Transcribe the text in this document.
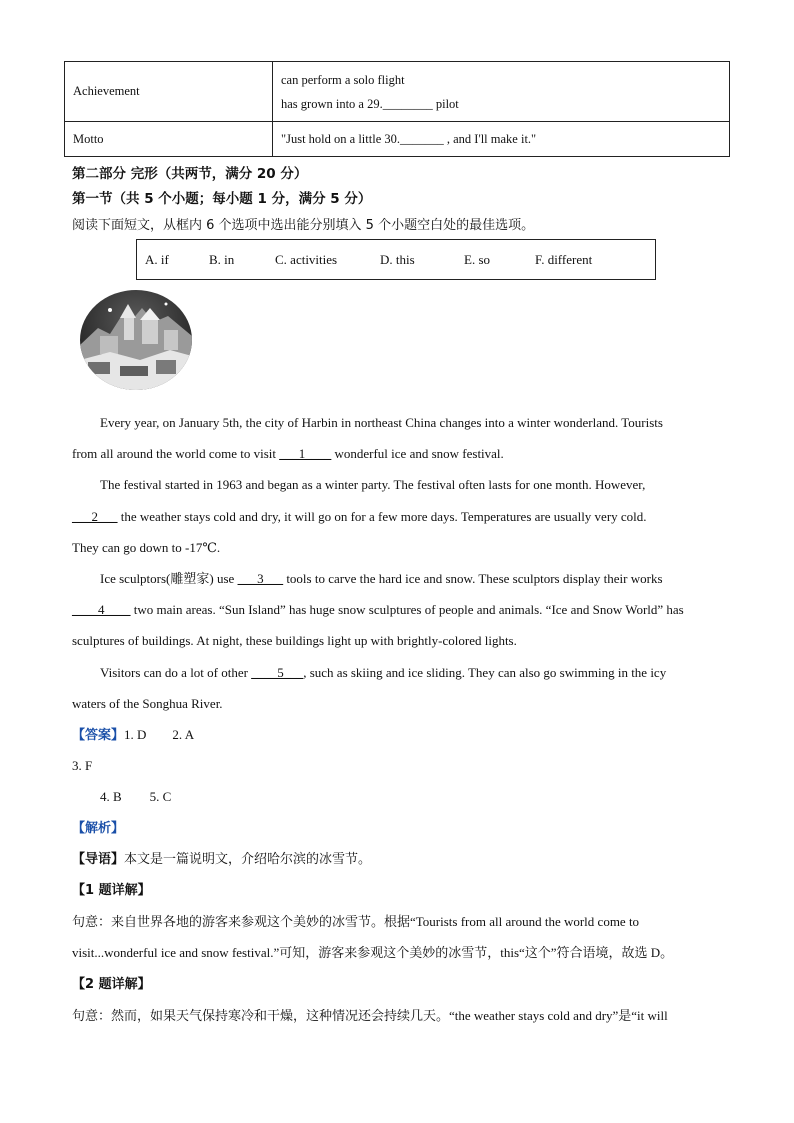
Achievement	can perform a solo flight
has grown into a 29.________ pilot

Motto	"Just hold on a little 30._______ , and I'll make it."
第二部分 完形（共两节，满分 20 分）
第一节（共 5 个小题；每小题 1 分，满分 5 分）
阅读下面短文，从框内 6 个选项中选出能分别填入 5 个小题空白处的最佳选项。
A. if	B. in	C. activities	D. this	E. so	F. different
Every year, on January 5th, the city of Harbin in northeast China changes into a winter wonderland. Tourists
from all around the world come to visit ___1____ wonderful ice and snow festival.
The festival started in 1963 and began as a winter party. The festival often lasts for one month. However,
___2___ the weather stays cold and dry, it will go on for a few more days. Temperatures are usually very cold.
They can go down to -17℃.
Ice sculptors(雕塑家) use ___3___ tools to carve the hard ice and snow. These sculptors display their works
____4____ two main areas. “Sun Island” has huge snow sculptures of people and animals. “Ice and Snow World” has
sculptures of buildings. At night, these buildings light up with brightly-colored lights.
Visitors can do a lot of other ____5___, such as skiing and ice sliding. They can also go swimming in the icy
waters of the Songhua River.
【答案】1. D 2. A
3. F
4. B 5. C
【解析】
【导语】本文是一篇说明文，介绍哈尔滨的冰雪节。
【1 题详解】
句意：来自世界各地的游客来参观这个美妙的冰雪节。根据“Tourists from all around the world come to
visit...wonderful ice and snow festival.”可知，游客来参观这个美妙的冰雪节，this“这个”符合语境，故选 D。
【2 题详解】
句意：然而，如果天气保持寒冷和干燥，这种情况还会持续几天。“the weather stays cold and dry”是“it will
